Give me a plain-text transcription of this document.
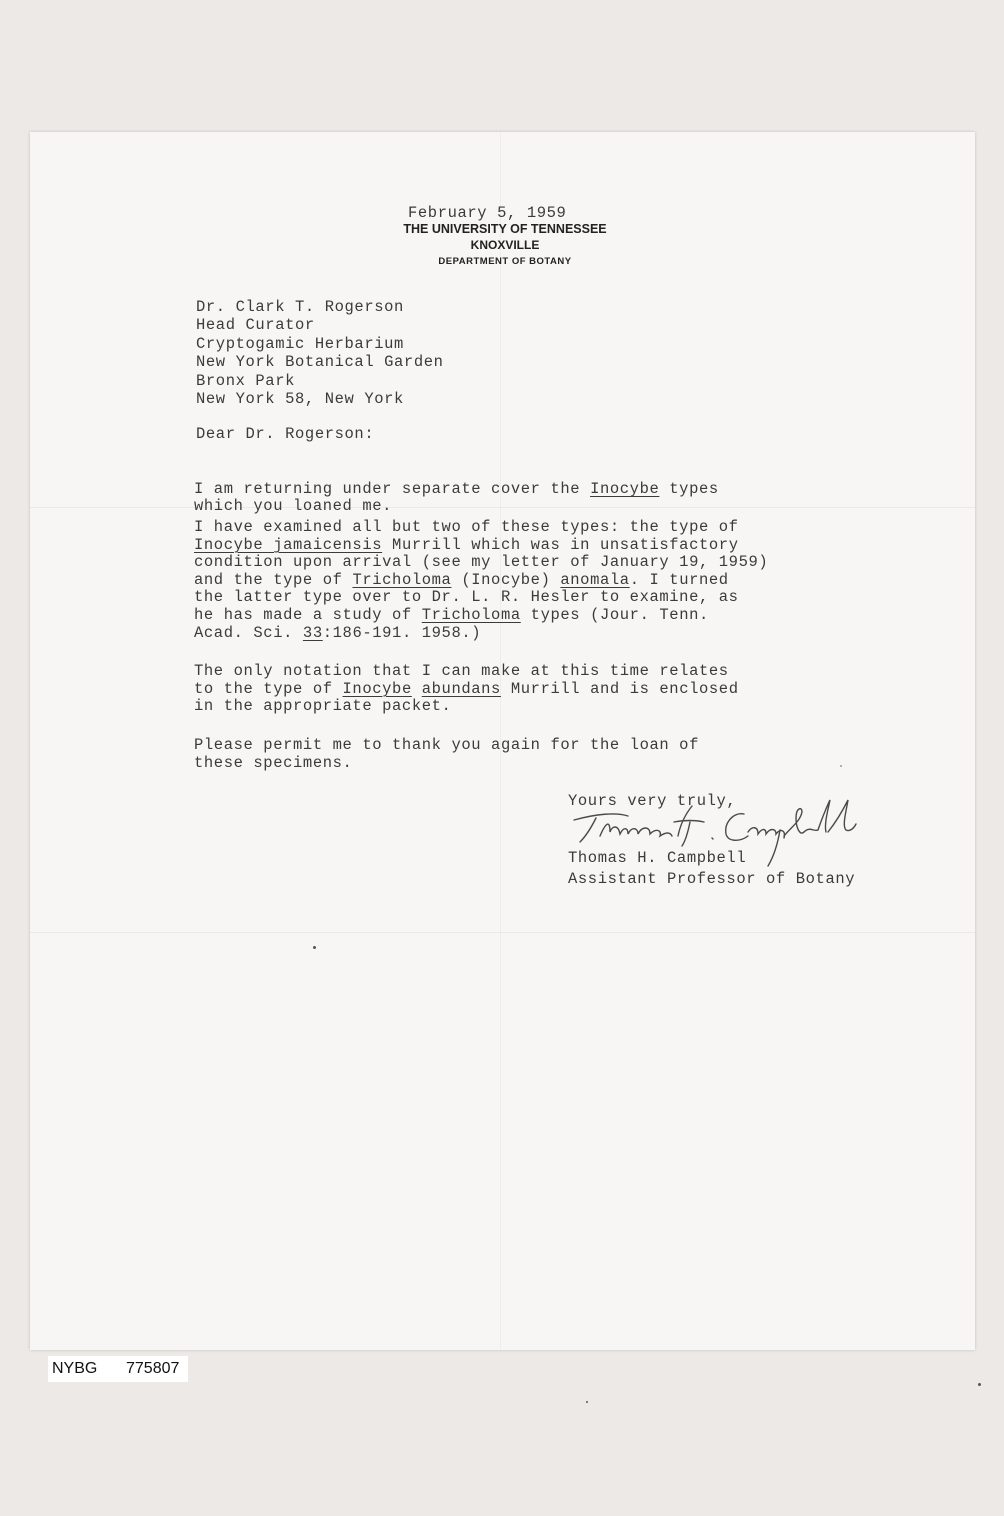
February 5, 1959
THE UNIVERSITY OF TENNESSEE
KNOXVILLE
DEPARTMENT OF BOTANY
Dr. Clark T. Rogerson
Head Curator
Cryptogamic Herbarium
New York Botanical Garden
Bronx Park
New York 58, New York
Dear Dr. Rogerson:

I am returning under separate cover the Inocybe types
which you loaned me.
I have examined all but two of these types: the type of
Inocybe jamaicensis Murrill which was in unsatisfactory
condition upon arrival (see my letter of January 19, 1959)
and the type of Tricholoma (Inocybe) anomala. I turned
the latter type over to Dr. L. R. Hesler to examine, as
he has made a study of Tricholoma types (Jour. Tenn.
Acad. Sci. 33:186-191. 1958.)
The only notation that I can make at this time relates
to the type of Inocybe abundans Murrill and is enclosed
in the appropriate packet.
Please permit me to thank you again for the loan of
these specimens.
Yours very truly,
Thomas H. Campbell
Assistant Professor of Botany
NYBG 775807
